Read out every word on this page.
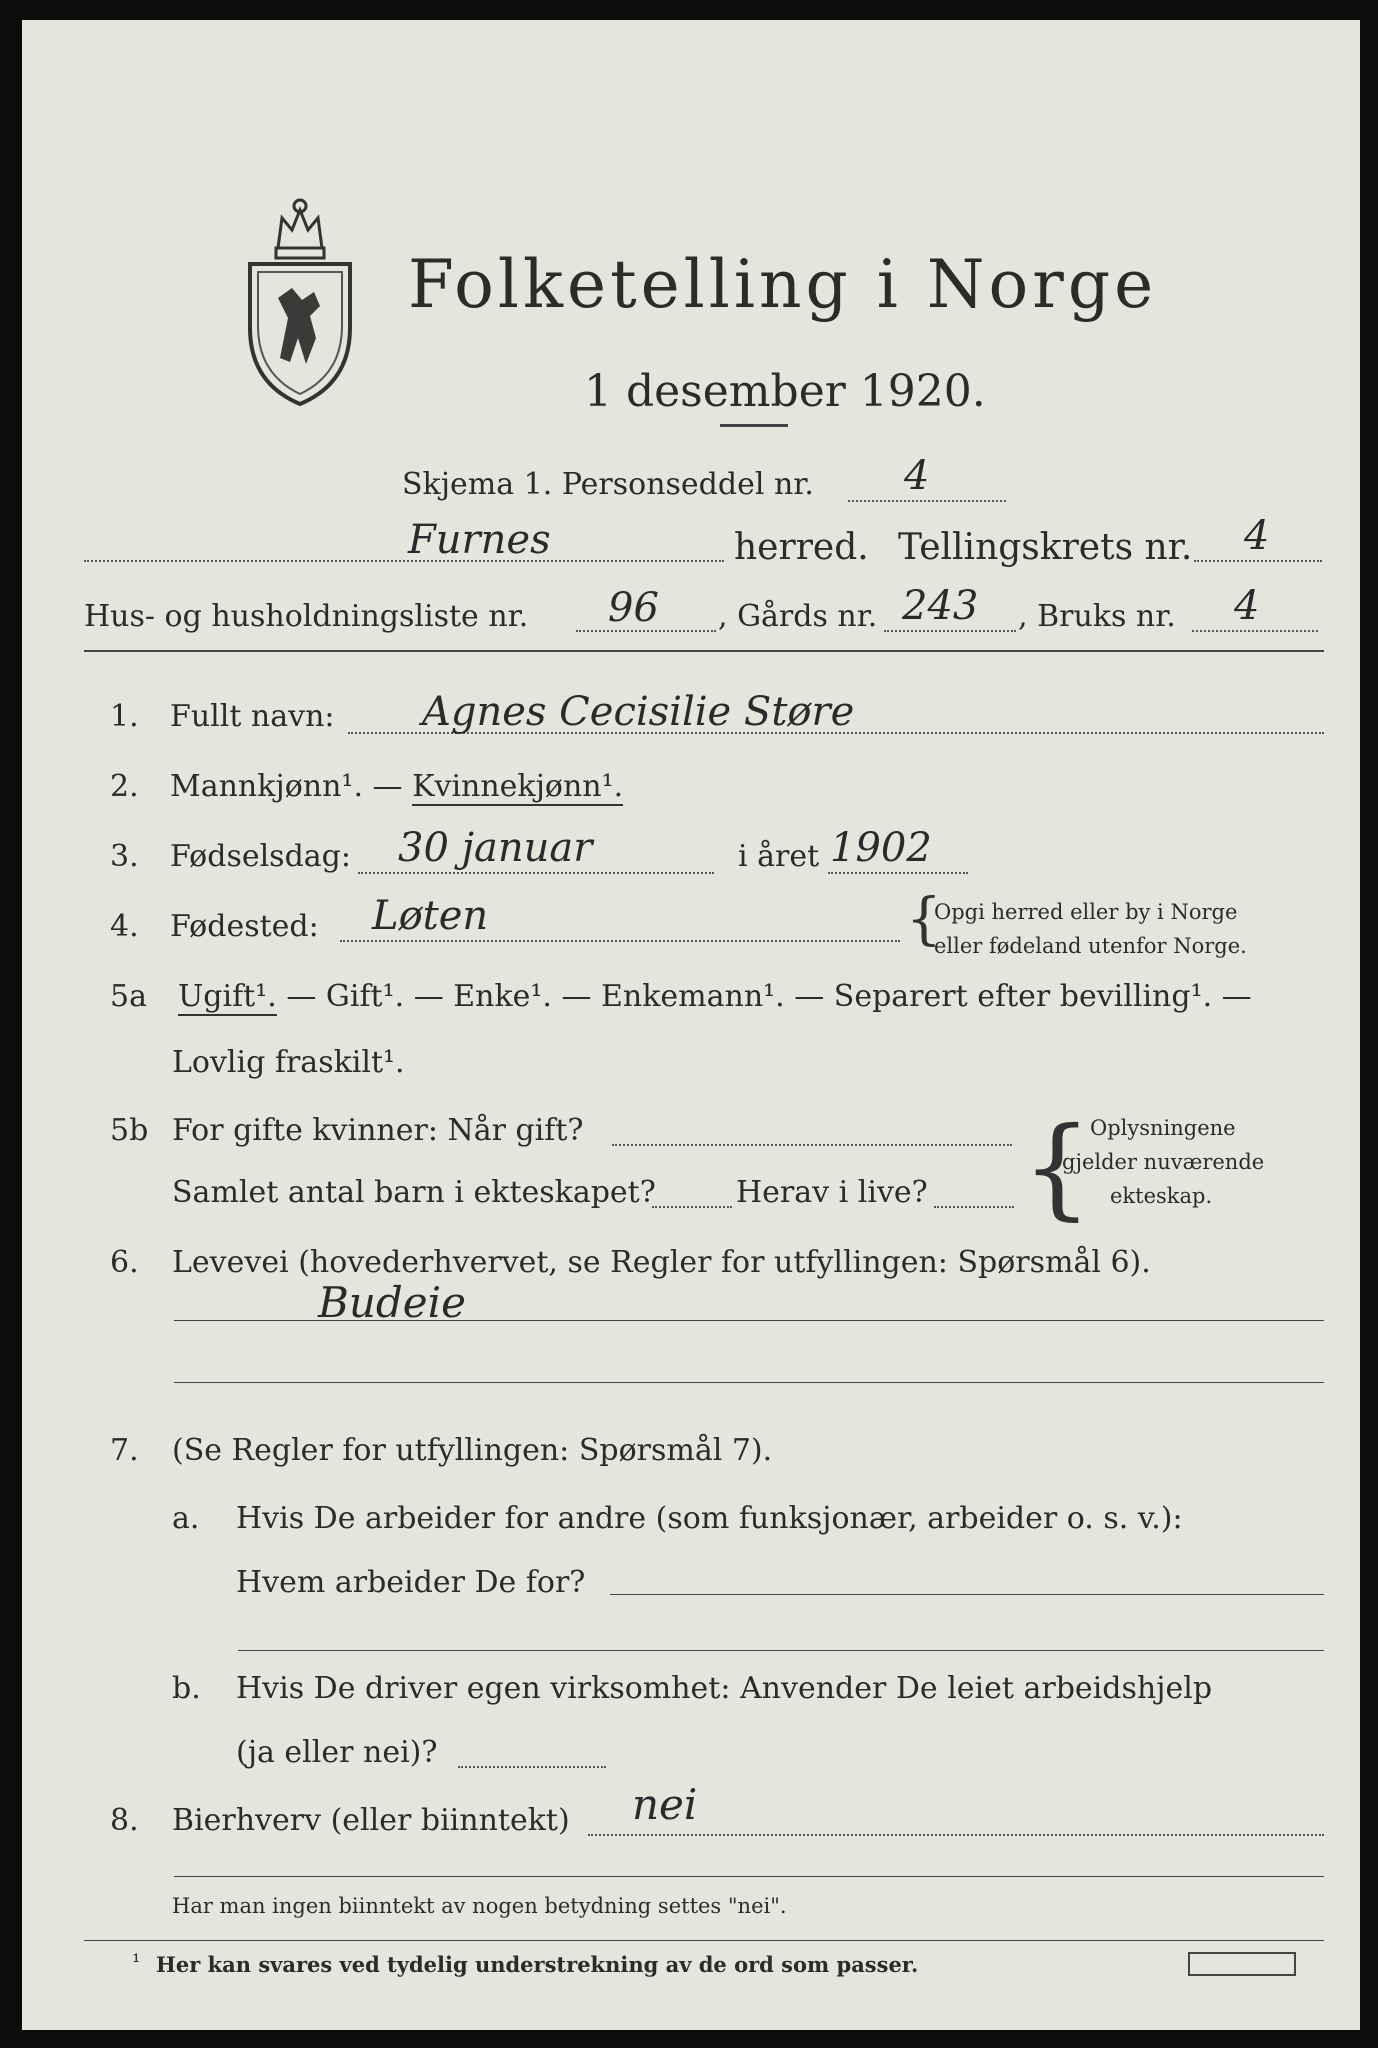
Folketelling i Norge
1 desember 1920.
Skjema 1. Personseddel nr. 4
Furnes	herred. Tellingskrets nr. 4
Hus- og husholdningsliste nr. 96 , Gårds nr. 243 , Bruks nr. 4
1. Fullt navn: Agnes Cecisilie Støre
2. Mannkjønn¹. — Kvinnekjønn¹.
3. Fødselsdag: 30 januar	i året 1902
4. Fødested: Løten	{
Opgi herred eller by i Norge
eller fødeland utenfor Norge.
5a Ugift¹. — Gift¹. — Enke¹. — Enkemann¹. — Separert efter bevilling¹. —
Lovlig fraskilt¹.
5b For gifte kvinner: Når gift?
Samlet antal barn i ekteskapet?	Herav i live? {
Oplysningene
gjelder nuværende
ekteskap.
6. Levevei (hovederhvervet, se Regler for utfyllingen: Spørsmål 6).
Budeie
7. (Se Regler for utfyllingen: Spørsmål 7).
a. Hvis De arbeider for andre (som funksjonær, arbeider o. s. v.):
Hvem arbeider De for?
b. Hvis De driver egen virksomhet: Anvender De leiet arbeidshjelp
(ja eller nei)?
8. Bierhverv (eller biinntekt) nei
Har man ingen biinntekt av nogen betydning settes "nei".
¹ Her kan svares ved tydelig understrekning av de ord som passer.
